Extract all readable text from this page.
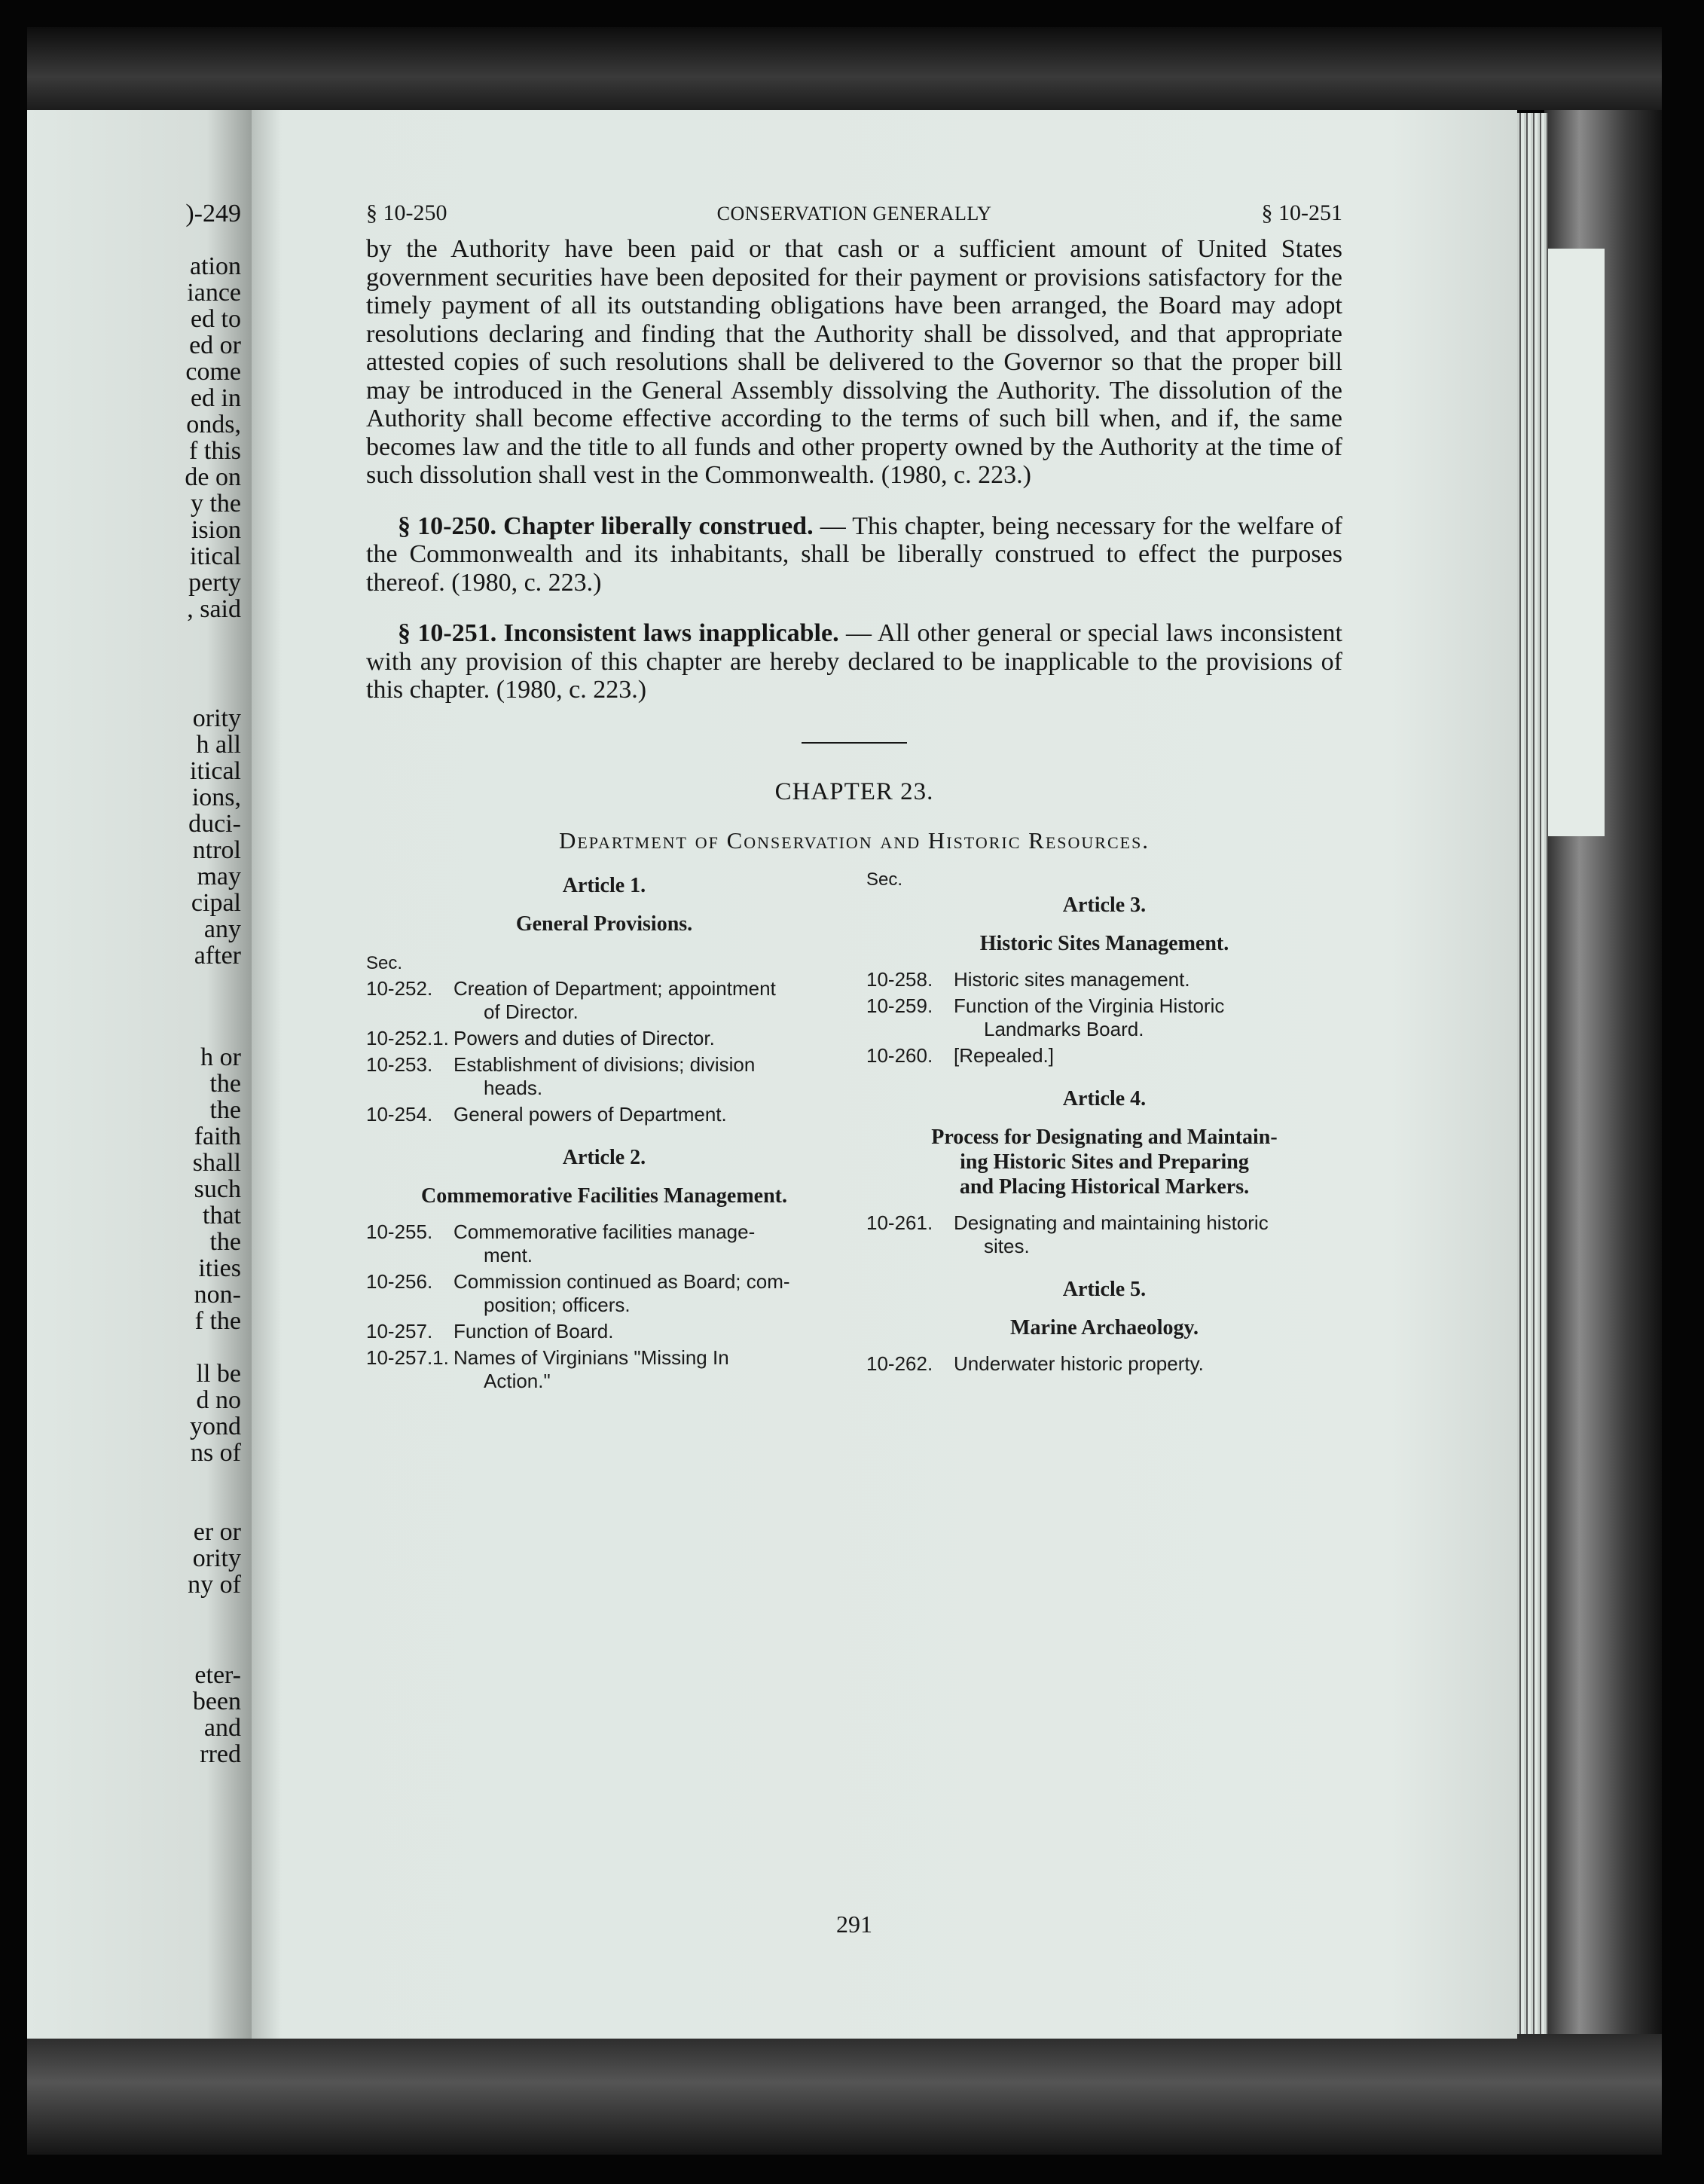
)-249
ation
iance
ed to
ed or
come
ed in
onds,
f this
de on
y the
ision
itical
perty
, said
ority
h all
itical
ions,
duci-
ntrol
may
cipal
any
after
h or
the
the
faith
shall
such
that
the
ities
non-
f the
ll be
d no
yond
ns of
er or
ority
ny of
eter-
been
and
rred
§ 10-250	CONSERVATION GENERALLY	§ 10-251

by the Authority have been paid or that cash or a sufficient amount of United States government securities have been deposited for their payment or provisions satisfactory for the timely payment of all its outstanding obligations have been arranged, the Board may adopt resolutions declaring and finding that the Authority shall be dissolved, and that appropriate attested copies of such resolutions shall be delivered to the Governor so that the proper bill may be introduced in the General Assembly dissolving the Authority. The dissolution of the Authority shall become effective according to the terms of such bill when, and if, the same becomes law and the title to all funds and other property owned by the Authority at the time of such dissolution shall vest in the Commonwealth. (1980, c. 223.)

§ 10-250. Chapter liberally construed. — This chapter, being necessary for the welfare of the Commonwealth and its inhabitants, shall be liberally construed to effect the purposes thereof. (1980, c. 223.)

§ 10-251. Inconsistent laws inapplicable. — All other general or special laws inconsistent with any provision of this chapter are hereby declared to be inapplicable to the provisions of this chapter. (1980, c. 223.)

CHAPTER 23.
Department of Conservation and Historic Resources.
Article 1.
General Provisions.
Sec.
10-252.	Creation of Department; appointment
of Director.
10-252.1. Powers and duties of Director.
10-253.	Establishment of divisions; division
heads.
10-254.	General powers of Department.
Article 2.
Commemorative Facilities Management.
10-255.	Commemorative facilities manage-
ment.
10-256.	Commission continued as Board; com-
position; officers.
10-257.	Function of Board.
10-257.1. Names of Virginians "Missing In
Action."
Sec.
Article 3.
Historic Sites Management.
10-258.	Historic sites management.
10-259.	Function of the Virginia Historic
Landmarks Board.
10-260.	[Repealed.]
Article 4.
Process for Designating and Maintain-
ing Historic Sites and Preparing
and Placing Historical Markers.
10-261.	Designating and maintaining historic
sites.
Article 5.
Marine Archaeology.
10-262.	Underwater historic property.
291
